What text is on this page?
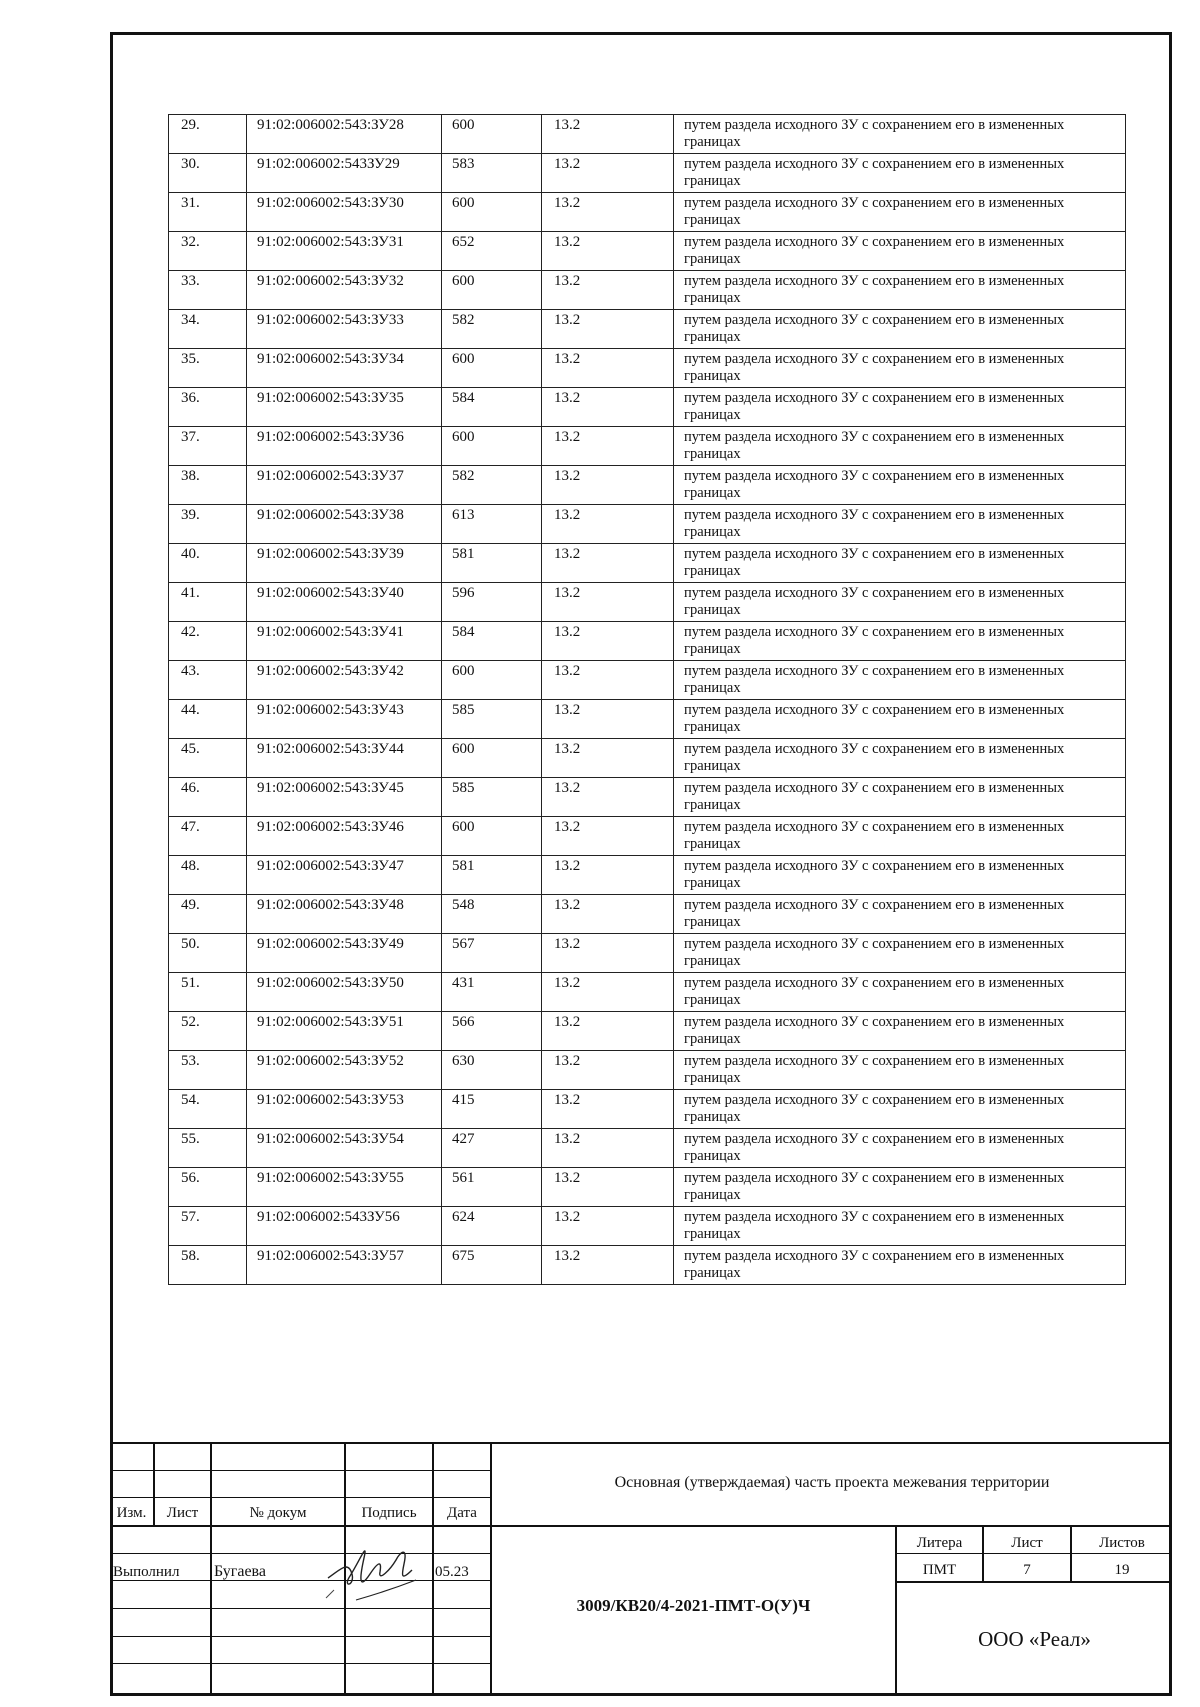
29.	91:02:006002:543:ЗУ28	600	13.2	путем раздела исходного ЗУ с сохранением его в измененных границах
30.	91:02:006002:543ЗУ29	583	13.2	путем раздела исходного ЗУ с сохранением его в измененных границах
31.	91:02:006002:543:ЗУ30	600	13.2	путем раздела исходного ЗУ с сохранением его в измененных границах
32.	91:02:006002:543:ЗУ31	652	13.2	путем раздела исходного ЗУ с сохранением его в измененных границах
33.	91:02:006002:543:ЗУ32	600	13.2	путем раздела исходного ЗУ с сохранением его в измененных границах
34.	91:02:006002:543:ЗУ33	582	13.2	путем раздела исходного ЗУ с сохранением его в измененных границах
35.	91:02:006002:543:ЗУ34	600	13.2	путем раздела исходного ЗУ с сохранением его в измененных границах
36.	91:02:006002:543:ЗУ35	584	13.2	путем раздела исходного ЗУ с сохранением его в измененных границах
37.	91:02:006002:543:ЗУ36	600	13.2	путем раздела исходного ЗУ с сохранением его в измененных границах
38.	91:02:006002:543:ЗУ37	582	13.2	путем раздела исходного ЗУ с сохранением его в измененных границах
39.	91:02:006002:543:ЗУ38	613	13.2	путем раздела исходного ЗУ с сохранением его в измененных границах
40.	91:02:006002:543:ЗУ39	581	13.2	путем раздела исходного ЗУ с сохранением его в измененных границах
41.	91:02:006002:543:ЗУ40	596	13.2	путем раздела исходного ЗУ с сохранением его в измененных границах
42.	91:02:006002:543:ЗУ41	584	13.2	путем раздела исходного ЗУ с сохранением его в измененных границах
43.	91:02:006002:543:ЗУ42	600	13.2	путем раздела исходного ЗУ с сохранением его в измененных границах
44.	91:02:006002:543:ЗУ43	585	13.2	путем раздела исходного ЗУ с сохранением его в измененных границах
45.	91:02:006002:543:ЗУ44	600	13.2	путем раздела исходного ЗУ с сохранением его в измененных границах
46.	91:02:006002:543:ЗУ45	585	13.2	путем раздела исходного ЗУ с сохранением его в измененных границах
47.	91:02:006002:543:ЗУ46	600	13.2	путем раздела исходного ЗУ с сохранением его в измененных границах
48.	91:02:006002:543:ЗУ47	581	13.2	путем раздела исходного ЗУ с сохранением его в измененных границах
49.	91:02:006002:543:ЗУ48	548	13.2	путем раздела исходного ЗУ с сохранением его в измененных границах
50.	91:02:006002:543:ЗУ49	567	13.2	путем раздела исходного ЗУ с сохранением его в измененных границах
51.	91:02:006002:543:ЗУ50	431	13.2	путем раздела исходного ЗУ с сохранением его в измененных границах
52.	91:02:006002:543:ЗУ51	566	13.2	путем раздела исходного ЗУ с сохранением его в измененных границах
53.	91:02:006002:543:ЗУ52	630	13.2	путем раздела исходного ЗУ с сохранением его в измененных границах
54.	91:02:006002:543:ЗУ53	415	13.2	путем раздела исходного ЗУ с сохранением его в измененных границах
55.	91:02:006002:543:ЗУ54	427	13.2	путем раздела исходного ЗУ с сохранением его в измененных границах
56.	91:02:006002:543:ЗУ55	561	13.2	путем раздела исходного ЗУ с сохранением его в измененных границах
57.	91:02:006002:543ЗУ56	624	13.2	путем раздела исходного ЗУ с сохранением его в измененных границах
58.	91:02:006002:543:ЗУ57	675	13.2	путем раздела исходного ЗУ с сохранением его в измененных границах
Изм.	Лист	№ докум	Подпись	Дата
Выполнил Бугаева	05.23
Основная (утверждаемая) часть проекта межевания территории
3009/КВ20/4-2021-ПМТ-О(У)Ч
Литера	Лист	Листов
ПМТ	7	19
ООО «Реал»
